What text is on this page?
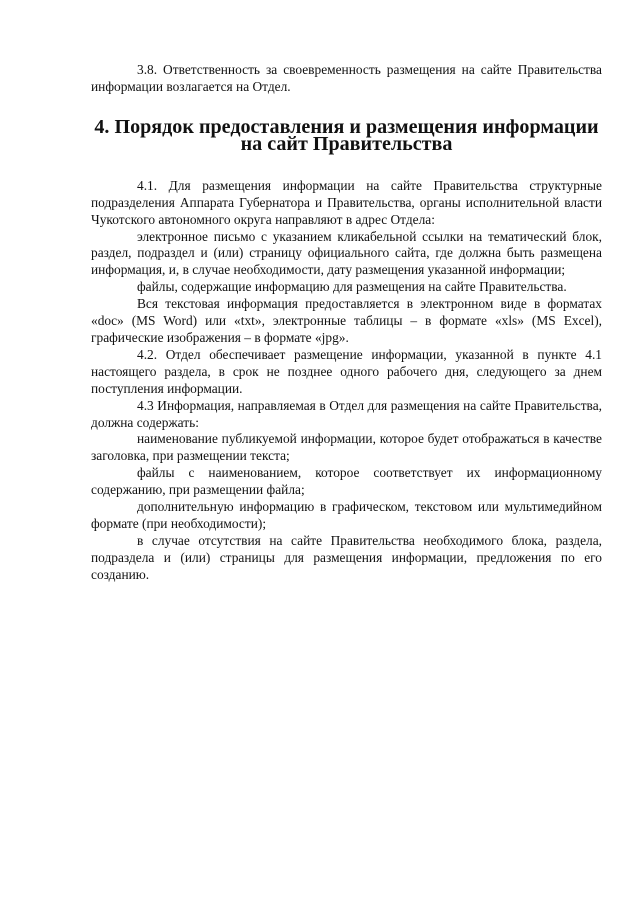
3.8. Ответственность за своевременность размещения на сайте Правительства информации возлагается на Отдел.

4. Порядок предоставления и размещения информации
на сайт Правительства

4.1. Для размещения информации на сайте Правительства структурные подразделения Аппарата Губернатора и Правительства, органы исполнительной власти Чукотского автономного округа направляют в адрес Отдела:

электронное письмо с указанием кликабельной ссылки на тематический блок, раздел, подраздел и (или) страницу официального сайта, где должна быть размещена информация, и, в случае необходимости, дату размещения указанной информации;

файлы, содержащие информацию для размещения на сайте Правительства.

Вся текстовая информация предоставляется в электронном виде в форматах «doc» (MS Word) или «txt», электронные таблицы – в формате «xls» (MS Excel), графические изображения – в формате «jpg».

4.2. Отдел обеспечивает размещение информации, указанной в пункте 4.1 настоящего раздела, в срок не позднее одного рабочего дня, следующего за днем поступления информации.

4.3 Информация, направляемая в Отдел для размещения на сайте Правительства, должна содержать:

наименование публикуемой информации, которое будет отображаться в качестве заголовка, при размещении текста;

файлы с наименованием, которое соответствует их информационному содержанию, при размещении файла;

дополнительную информацию в графическом, текстовом или мультимедийном формате (при необходимости);

в случае отсутствия на сайте Правительства необходимого блока, раздела, подраздела и (или) страницы для размещения информации, предложения по его созданию.
